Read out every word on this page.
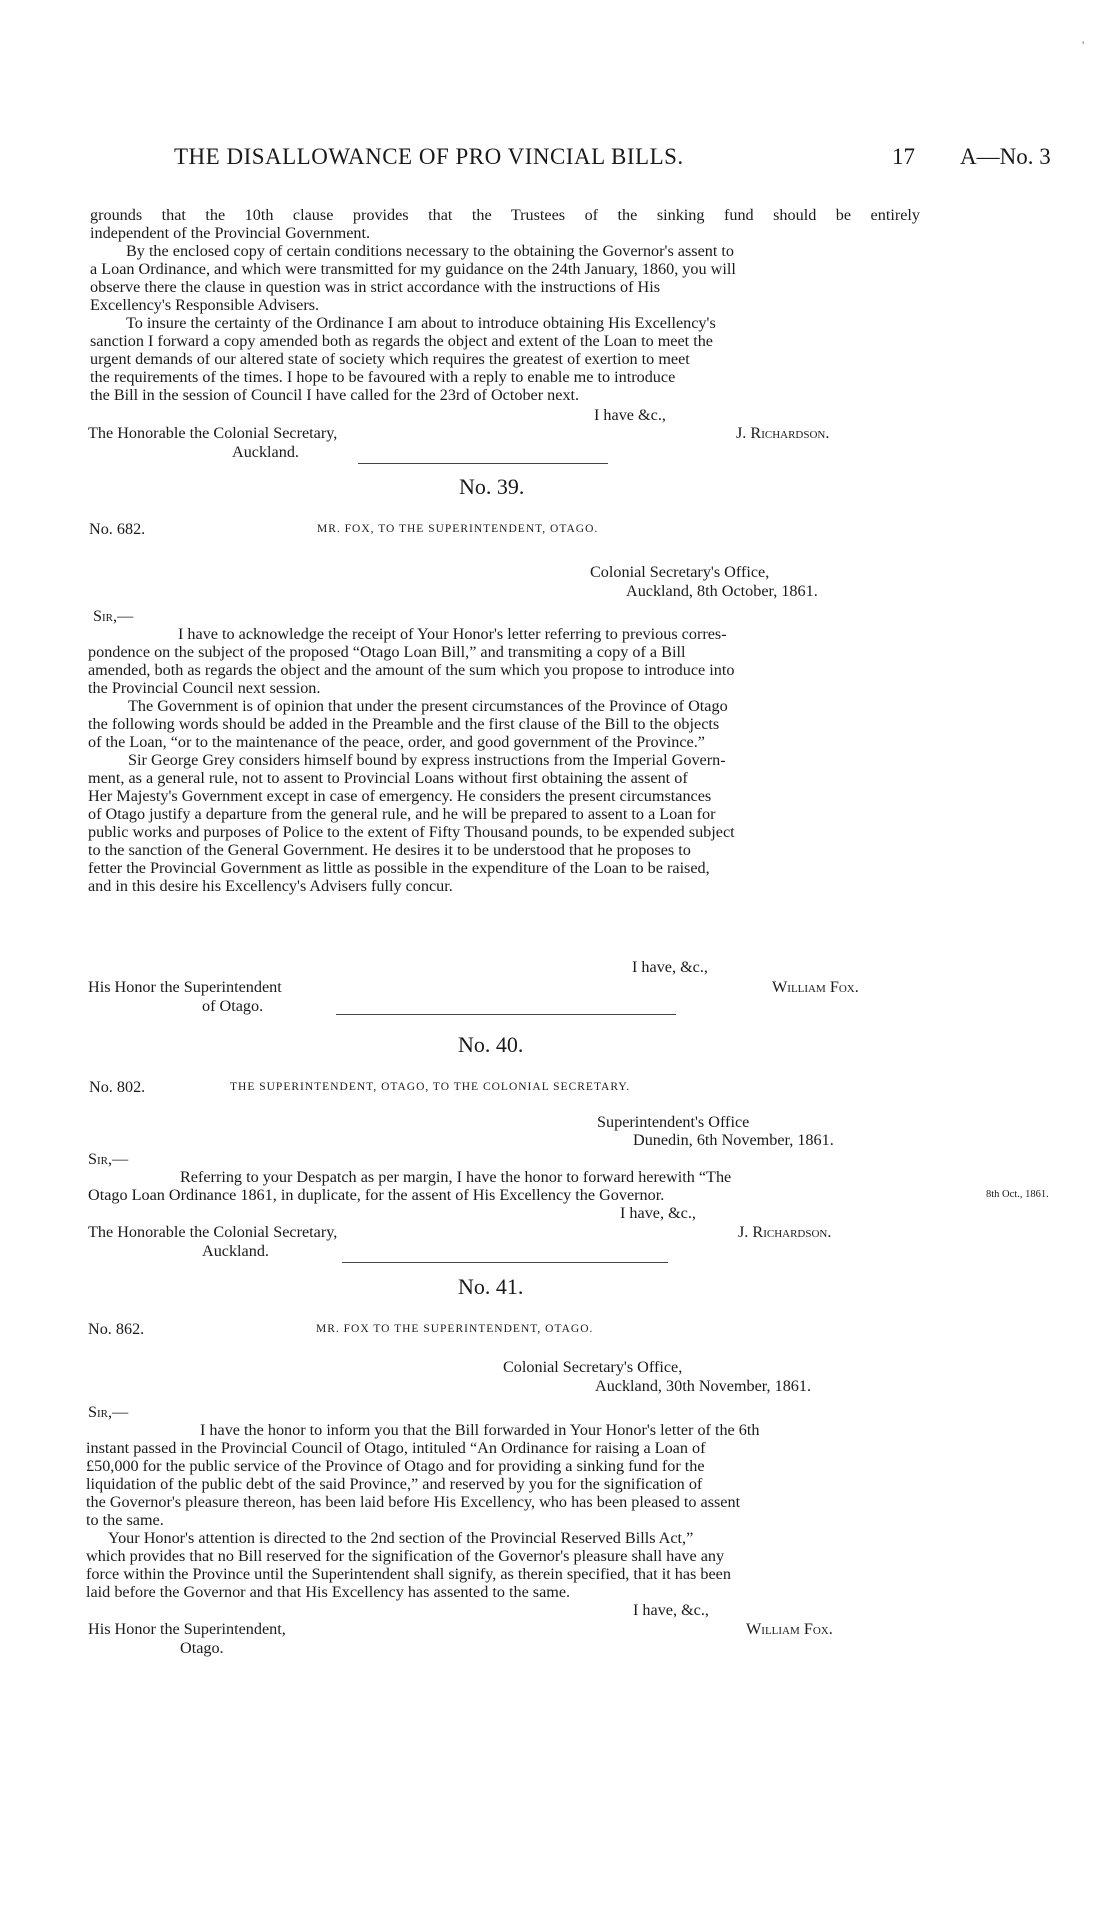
THE DISALLOWANCE OF PRO VINCIAL BILLS.	17 A—No. 3
'
grounds that the 10th clause provides that the Trustees of the sinking fund should be entirely
independent of the Provincial Government.
By the enclosed copy of certain conditions necessary to the obtaining the Governor's assent to
a Loan Ordinance, and which were transmitted for my guidance on the 24th January, 1860, you will
observe there the clause in question was in strict accordance with the instructions of His
Excellency's Responsible Advisers.
To insure the certainty of the Ordinance I am about to introduce obtaining His Excellency's
sanction I forward a copy amended both as regards the object and extent of the Loan to meet the
urgent demands of our altered state of society which requires the greatest of exertion to meet
the requirements of the times. I hope to be favoured with a reply to enable me to introduce
the Bill in the session of Council I have called for the 23rd of October next.
I have &c.,
The Honorable the Colonial Secretary,	J. Richardson.
Auckland.
No. 39.
No. 682.	MR. FOX, TO THE SUPERINTENDENT, OTAGO.
Colonial Secretary's Office,
Auckland, 8th October, 1861.
Sir,—
I have to acknowledge the receipt of Your Honor's letter referring to previous corres-
pondence on the subject of the proposed “Otago Loan Bill,” and transmiting a copy of a Bill
amended, both as regards the object and the amount of the sum which you propose to introduce into
the Provincial Council next session.
The Government is of opinion that under the present circumstances of the Province of Otago
the following words should be added in the Preamble and the first clause of the Bill to the objects
of the Loan, “or to the maintenance of the peace, order, and good government of the Province.”
Sir George Grey considers himself bound by express instructions from the Imperial Govern-
ment, as a general rule, not to assent to Provincial Loans without first obtaining the assent of
Her Majesty's Government except in case of emergency. He considers the present circumstances
of Otago justify a departure from the general rule, and he will be prepared to assent to a Loan for
public works and purposes of Police to the extent of Fifty Thousand pounds, to be expended subject
to the sanction of the General Government. He desires it to be understood that he proposes to
fetter the Provincial Government as little as possible in the expenditure of the Loan to be raised,
and in this desire his Excellency's Advisers fully concur.
I have, &c.,
His Honor the Superintendent	William Fox.
of Otago.
No. 40.
No. 802.	THE SUPERINTENDENT, OTAGO, TO THE COLONIAL SECRETARY.
Superintendent's Office
Dunedin, 6th November, 1861.
Sir,—
Referring to your Despatch as per margin, I have the honor to forward herewith “The
Otago Loan Ordinance 1861, in duplicate, for the assent of His Excellency the Governor.	8th Oct., 1861.
I have, &c.,
The Honorable the Colonial Secretary,	J. Richardson.
Auckland.
No. 41.
No. 862.	MR. FOX TO THE SUPERINTENDENT, OTAGO.
Colonial Secretary's Office,
Auckland, 30th November, 1861.
Sir,—
I have the honor to inform you that the Bill forwarded in Your Honor's letter of the 6th
instant passed in the Provincial Council of Otago, intituled “An Ordinance for raising a Loan of
£50,000 for the public service of the Province of Otago and for providing a sinking fund for the
liquidation of the public debt of the said Province,” and reserved by you for the signification of
the Governor's pleasure thereon, has been laid before His Excellency, who has been pleased to assent
to the same.
Your Honor's attention is directed to the 2nd section of the Provincial Reserved Bills Act,”
which provides that no Bill reserved for the signification of the Governor's pleasure shall have any
force within the Province until the Superintendent shall signify, as therein specified, that it has been
laid before the Governor and that His Excellency has assented to the same.
I have, &c.,
His Honor the Superintendent,	William Fox.
Otago.
